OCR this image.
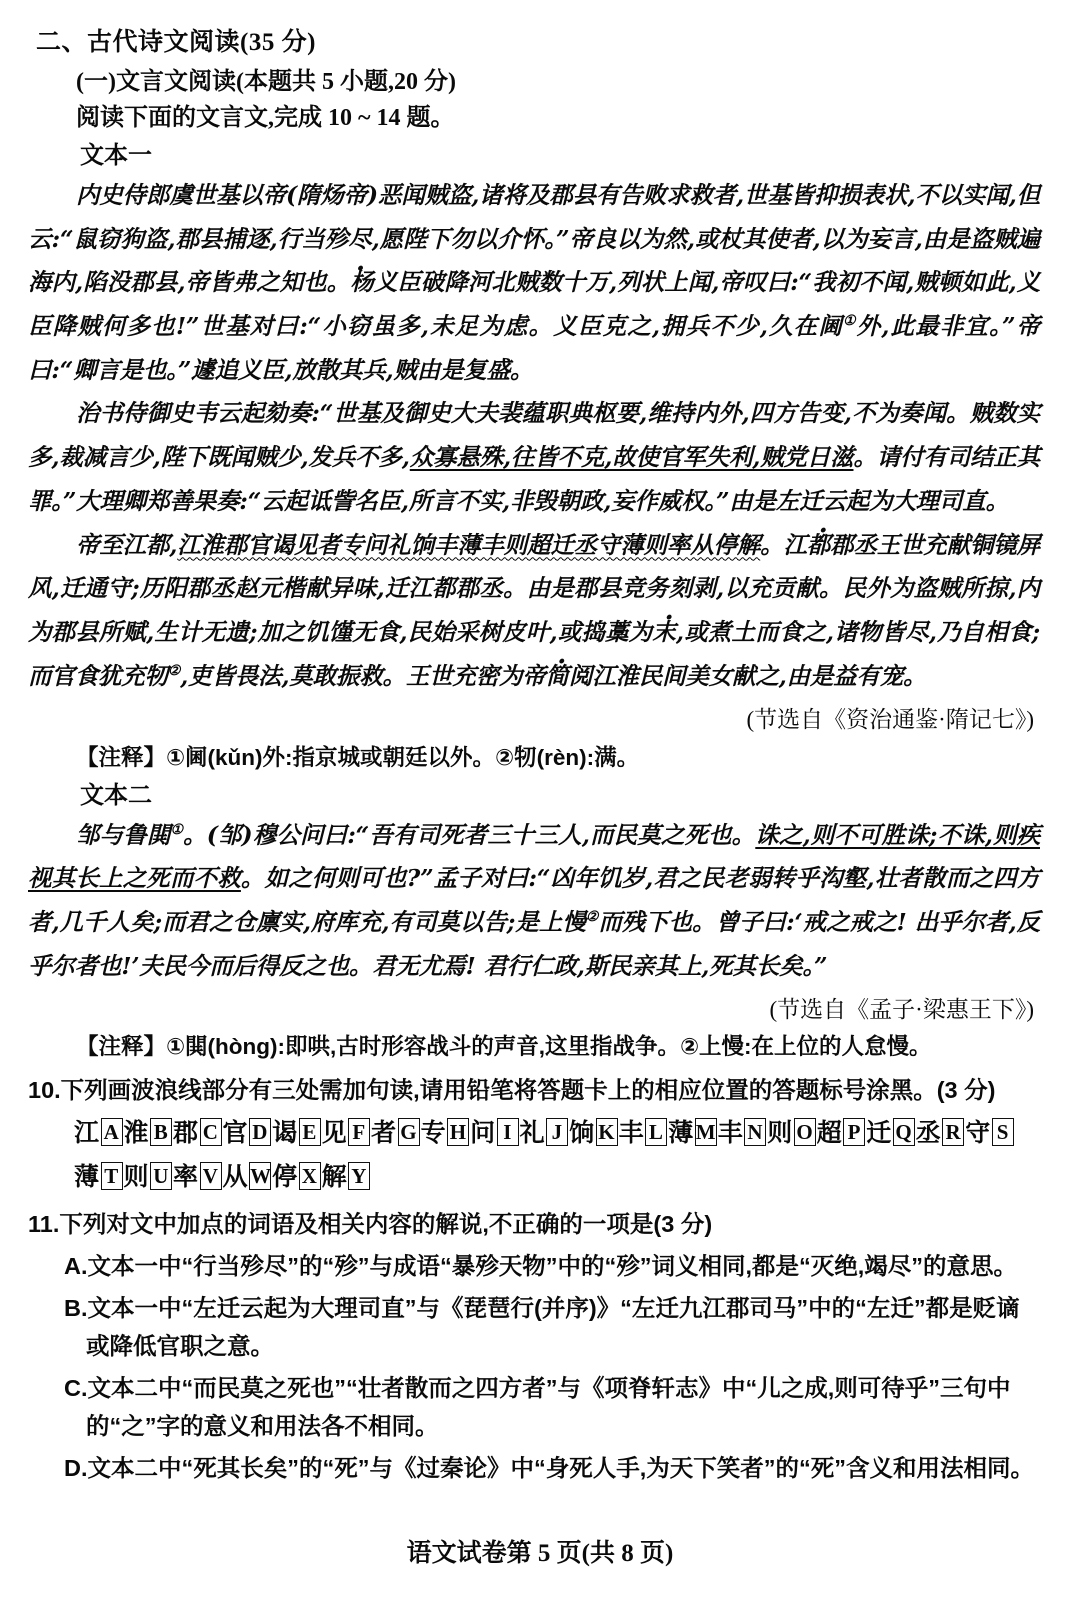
二、古代诗文阅读(35 分)

(一)文言文阅读(本题共 5 小题,20 分)

阅读下面的文言文,完成 10 ~ 14 题。

文本一

内史侍郎虞世基以帝(隋炀帝)恶闻贼盗,诸将及郡县有告败求救者,世基皆抑损表状,不以实闻,但云:“鼠窃狗盗,郡县捕逐,行当殄尽,愿陛下勿以介怀。”帝良以为然,或杖其使者,以为妄言,由是盗贼遍海内,陷没郡县,帝皆弗之知也。杨义臣破降河北贼数十万,列状上闻,帝叹曰:“我初不闻,贼顿如此,义臣降贼何多也!”世基对曰:“小窃虽多,未足为虑。义臣克之,拥兵不少,久在阃①外,此最非宜。”帝曰:“卿言是也。”遽追义臣,放散其兵,贼由是复盛。

治书侍御史韦云起劾奏:“世基及御史大夫裴蕴职典枢要,维持内外,四方告变,不为奏闻。贼数实多,裁减言少,陛下既闻贼少,发兵不多,众寡悬殊,往皆不克,故使官军失利,贼党日滋。请付有司结正其罪。”大理卿郑善果奏:“云起诋訾名臣,所言不实,非毁朝政,妄作威权。”由是左迁云起为大理司直。

帝至江都,江淮郡官谒见者专问礼饷丰薄丰则超迁丞守薄则率从停解。江都郡丞王世充献铜镜屏风,迁通守;历阳郡丞赵元楷献异味,迁江都郡丞。由是郡县竞务刻剥 ·,以充贡献。民外为盗贼所掠,内为郡县所赋,生计无遗;加之饥馑无食,民始采树皮叶,或捣藁为末,或煮土而食之,诸物皆尽,乃自相食;而官食犹充牣②,吏皆畏法,莫敢振救。王世充密为帝简阅江淮民间美女献之,由是益有宠。

(节选自《资治通鉴·隋记七》)

【注释】①阃(kǔn)外:指京城或朝廷以外。②牣(rèn):满。

文本二

邹与鲁閧①。(邹)穆公问曰:“吾有司死者三十三人,而民莫之死也。诛之,则不可胜诛;不诛,则疾视其长上之死而不救。如之何则可也?”孟子对曰:“凶年饥岁,君之民老弱转乎沟壑,壮者散而之四方者,几千人矣;而君之仓廪实,府库充,有司莫以告;是上慢②而残下也。曾子曰:‘戒之戒之! 出乎尔者,反乎尔者也!’夫民今而后得反之也。君无尤焉! 君行仁政,斯民亲其上,死其长矣。”

(节选自《孟子·梁惠王下》)

【注释】①閧(hòng):即哄,古时形容战斗的声音,这里指战争。②上慢:在上位的人怠慢。

10.下列画波浪线部分有三处需加句读,请用铅笔将答题卡上的相应位置的答题标号涂黑。(3 分)

江 A 淮 B 郡 C 官 D 谒 E 见 F 者 G 专 H 问 I 礼 J 饷 K 丰 L 薄M丰 N 则 O 超 P 迁 Q 丞 R 守 S薄 T 则 U 率 V 从W停 X 解 Y

11.下列对文中加点的词语及相关内容的解说,不正确的一项是(3 分)

A.文本一中“行当殄尽”的“殄”与成语“暴殄天物”中的“殄”词义相同,都是“灭绝,竭尽”的意思。

B.文本一中“左迁云起为大理司直”与《琵琶行(并序)》“左迁九江郡司马”中的“左迁”都是贬谪或降低官职之意。

C.文本二中“而民莫之死也”“壮者散而之四方者”与《项脊轩志》中“儿之成,则可待乎”三句中的“之”字的意义和用法各不相同。

D.文本二中“死其长矣”的“死”与《过秦论》中“身死人手,为天下笑者”的“死”含义和用法相同。

语文试卷第 5 页(共 8 页)
